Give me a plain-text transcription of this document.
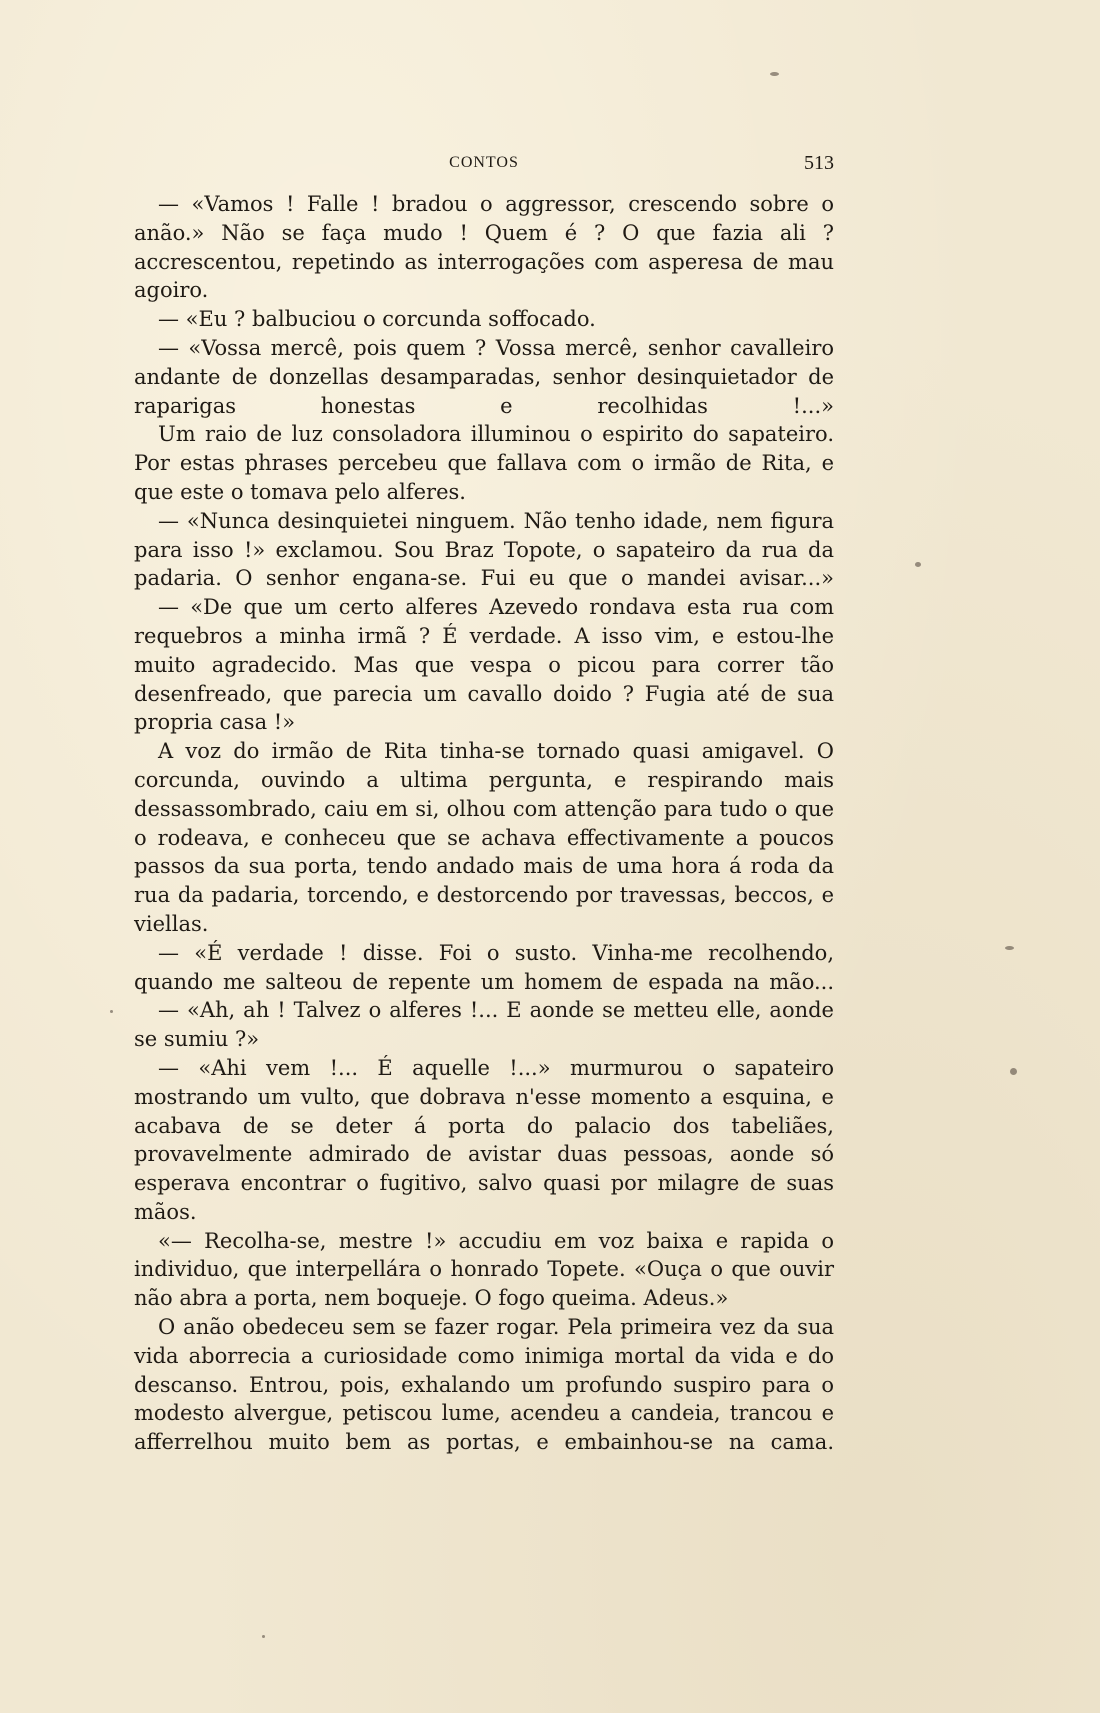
CONTOS	513

— «Vamos ! Falle ! bradou o aggressor, crescendo sobre o anão.» Não se faça mudo ! Quem é ? O que fazia ali ? accrescentou, repetindo as interrogações com asperesa de mau agoiro.

— «Eu ? balbuciou o corcunda soffocado.

— «Vossa mercê, pois quem ? Vossa mercê, senhor cavalleiro andante de donzellas desamparadas, senhor desinquietador de raparigas honestas e recolhidas !...»

Um raio de luz consoladora illuminou o espirito do sapateiro. Por estas phrases percebeu que fallava com o irmão de Rita, e que este o tomava pelo alferes.

— «Nunca desinquietei ninguem. Não tenho idade, nem figura para isso !» exclamou. Sou Braz Topote, o sapateiro da rua da padaria. O senhor engana-se. Fui eu que o mandei avisar...»

— «De que um certo alferes Azevedo rondava esta rua com requebros a minha irmã ? É verdade. A isso vim, e estou-lhe muito agradecido. Mas que vespa o picou para correr tão desenfreado, que parecia um cavallo doido ? Fugia até de sua propria casa !»

A voz do irmão de Rita tinha-se tornado quasi amigavel. O corcunda, ouvindo a ultima pergunta, e respirando mais dessassombrado, caiu em si, olhou com attenção para tudo o que o rodeava, e conheceu que se achava effectivamente a poucos passos da sua porta, tendo andado mais de uma hora á roda da rua da padaria, torcendo, e destorcendo por travessas, beccos, e viellas.

— «É verdade ! disse. Foi o susto. Vinha-me recolhendo, quando me salteou de repente um homem de espada na mão...

— «Ah, ah ! Talvez o alferes !... E aonde se metteu elle, aonde se sumiu ?»

— «Ahi vem !... É aquelle !...» murmurou o sapateiro mostrando um vulto, que dobrava n'esse momento a esquina, e acabava de se deter á porta do palacio dos tabeliães, provavelmente admirado de avistar duas pessoas, aonde só esperava encontrar o fugitivo, salvo quasi por milagre de suas mãos.

«— Recolha-se, mestre !» accudiu em voz baixa e rapida o individuo, que interpellára o honrado Topete. «Ouça o que ouvir não abra a porta, nem boqueje. O fogo queima. Adeus.»

O anão obedeceu sem se fazer rogar. Pela primeira vez da sua vida aborrecia a curiosidade como inimiga mortal da vida e do descanso. Entrou, pois, exhalando um profundo suspiro para o modesto alvergue, petiscou lume, acendeu a candeia, trancou e afferrelhou muito bem as portas, e embainhou-se na cama.
